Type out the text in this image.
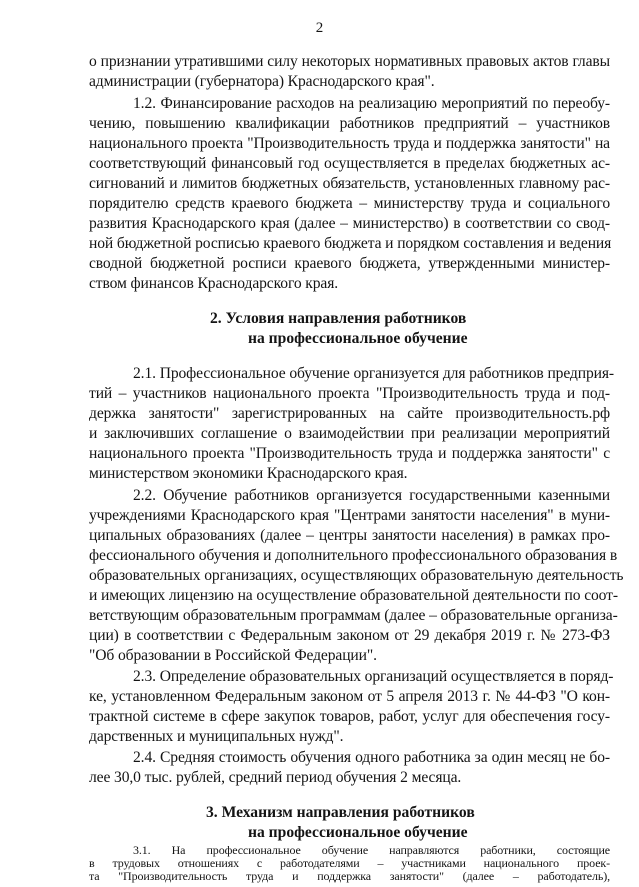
2
о признании утратившими силу некоторых нормативных правовых актов главы
администрации (губернатора) Краснодарского края".
1.2. Финансирование расходов на реализацию мероприятий по переобу-
чению, повышению квалификации работников предприятий – участников
национального проекта "Производительность труда и поддержка занятости" на
соответствующий финансовый год осуществляется в пределах бюджетных ас-
сигнований и лимитов бюджетных обязательств, установленных главному рас-
порядителю средств краевого бюджета – министерству труда и социального
развития Краснодарского края (далее – министерство) в соответствии со свод-
ной бюджетной росписью краевого бюджета и порядком составления и ведения
сводной бюджетной росписи краевого бюджета, утвержденными министер-
ством финансов Краснодарского края.
2. Условия направления работников
на профессиональное обучение
2.1. Профессиональное обучение организуется для работников предприя-
тий – участников национального проекта "Производительность труда и под-
держка занятости" зарегистрированных на сайте производительность.рф
и заключивших соглашение о взаимодействии при реализации мероприятий
национального проекта "Производительность труда и поддержка занятости" с
министерством экономики Краснодарского края.
2.2. Обучение работников организуется государственными казенными
учреждениями Краснодарского края "Центрами занятости населения" в муни-
ципальных образованиях (далее – центры занятости населения) в рамках про-
фессионального обучения и дополнительного профессионального образования в
образовательных организациях, осуществляющих образовательную деятельность
и имеющих лицензию на осуществление образовательной деятельности по соот-
ветствующим образовательным программам (далее – образовательные организа-
ции) в соответствии с Федеральным законом от 29 декабря 2019 г. № 273-ФЗ
"Об образовании в Российской Федерации".
2.3. Определение образовательных организаций осуществляется в поряд-
ке, установленном Федеральным законом от 5 апреля 2013 г. № 44-ФЗ "О кон-
трактной системе в сфере закупок товаров, работ, услуг для обеспечения госу-
дарственных и муниципальных нужд".
2.4. Средняя стоимость обучения одного работника за один месяц не бо-
лее 30,0 тыс. рублей, средний период обучения 2 месяца.
3. Механизм направления работников
на профессиональное обучение
3.1. На профессиональное обучение направляются работники, состоящие
в трудовых отношениях с работодателями – участниками национального проек-
та "Производительность труда и поддержка занятости" (далее – работодатель),
